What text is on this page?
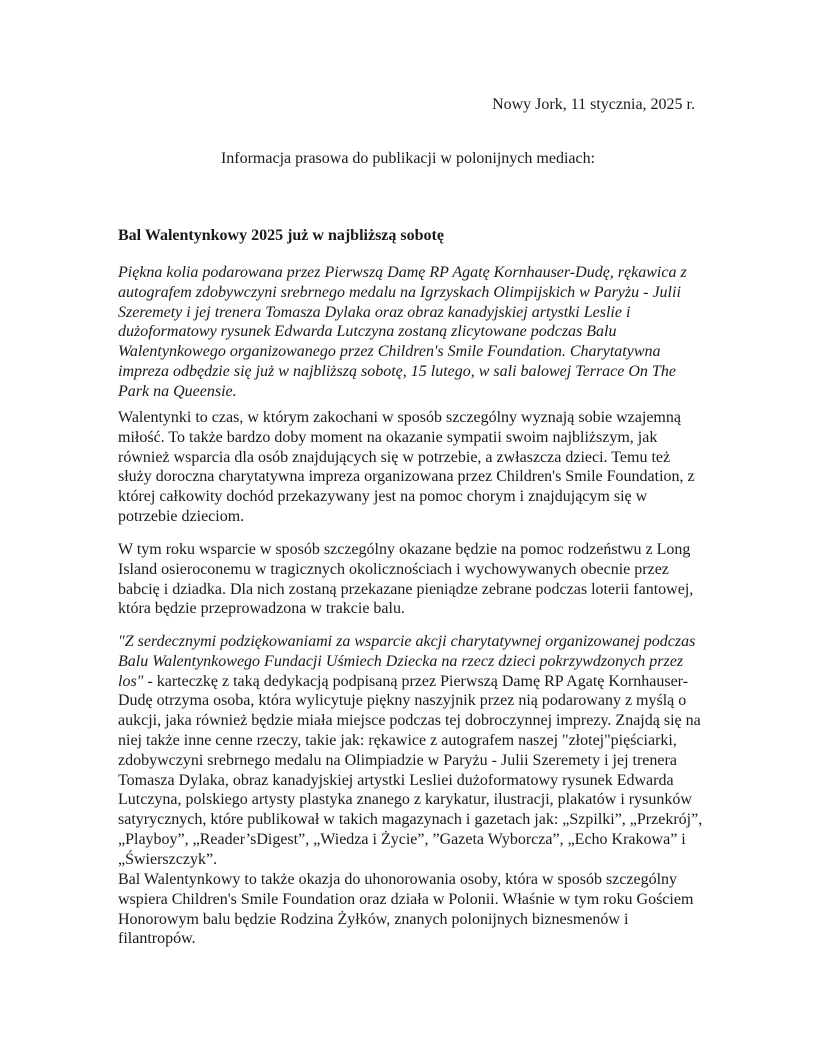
Nowy Jork, 11 stycznia, 2025 r.
Informacja prasowa do publikacji w polonijnych mediach:
Bal Walentynkowy 2025 już w najbliższą sobotę

Piękna kolia podarowana przez Pierwszą Damę RP Agatę Kornhauser-Dudę, rękawica z autografem zdobywczyni srebrnego medalu na Igrzyskach Olimpijskich w Paryżu - Julii Szeremety i jej trenera Tomasza Dylaka oraz obraz kanadyjskiej artystki Leslie i dużoformatowy rysunek Edwarda Lutczyna zostaną zlicytowane podczas Balu Walentynkowego organizowanego przez Children's Smile Foundation. Charytatywna impreza odbędzie się już w najbliższą sobotę, 15 lutego, w sali balowej Terrace On The Park na Queensie.

Walentynki to czas, w którym zakochani w sposób szczególny wyznają sobie wzajemną miłość. To także bardzo doby moment na okazanie sympatii swoim najbliższym, jak również wsparcia dla osób znajdujących się w potrzebie, a zwłaszcza dzieci. Temu też służy doroczna charytatywna impreza organizowana przez Children's Smile Foundation, z której całkowity dochód przekazywany jest na pomoc chorym i znajdującym się w potrzebie dzieciom.

W tym roku wsparcie w sposób szczególny okazane będzie na pomoc rodzeństwu z Long Island osieroconemu w tragicznych okolicznościach i wychowywanych obecnie przez babcię i dziadka. Dla nich zostaną przekazane pieniądze zebrane podczas loterii fantowej, która będzie przeprowadzona w trakcie balu.

"Z serdecznymi podziękowaniami za wsparcie akcji charytatywnej organizowanej podczas Balu Walentynkowego Fundacji Uśmiech Dziecka na rzecz dzieci pokrzywdzonych przez los" - karteczkę z taką dedykacją podpisaną przez Pierwszą Damę RP Agatę Kornhauser-Dudę otrzyma osoba, która wylicytuje piękny naszyjnik przez nią podarowany z myślą o aukcji, jaka również będzie miała miejsce podczas tej dobroczynnej imprezy. Znajdą się na niej także inne cenne rzeczy, takie jak: rękawice z autografem naszej "złotej"pięściarki, zdobywczyni srebrnego medalu na Olimpiadzie w Paryżu - Julii Szeremety i jej trenera Tomasza Dylaka, obraz kanadyjskiej artystki Lesliei dużoformatowy rysunek Edwarda Lutczyna, polskiego artysty plastyka znanego z karykatur, ilustracji, plakatów i rysunków satyrycznych, które publikował w takich magazynach i gazetach jak: „Szpilki”, „Przekrój”, „Playboy”, „Reader’sDigest”, „Wiedza i Życie”, ”Gazeta Wyborcza”, „Echo Krakowa” i „Świerszczyk”.

Bal Walentynkowy to także okazja do uhonorowania osoby, która w sposób szczególny wspiera Children's Smile Foundation oraz działa w Polonii. Właśnie w tym roku Gościem Honorowym balu będzie Rodzina Żyłków, znanych polonijnych biznesmenów i filantropów.
